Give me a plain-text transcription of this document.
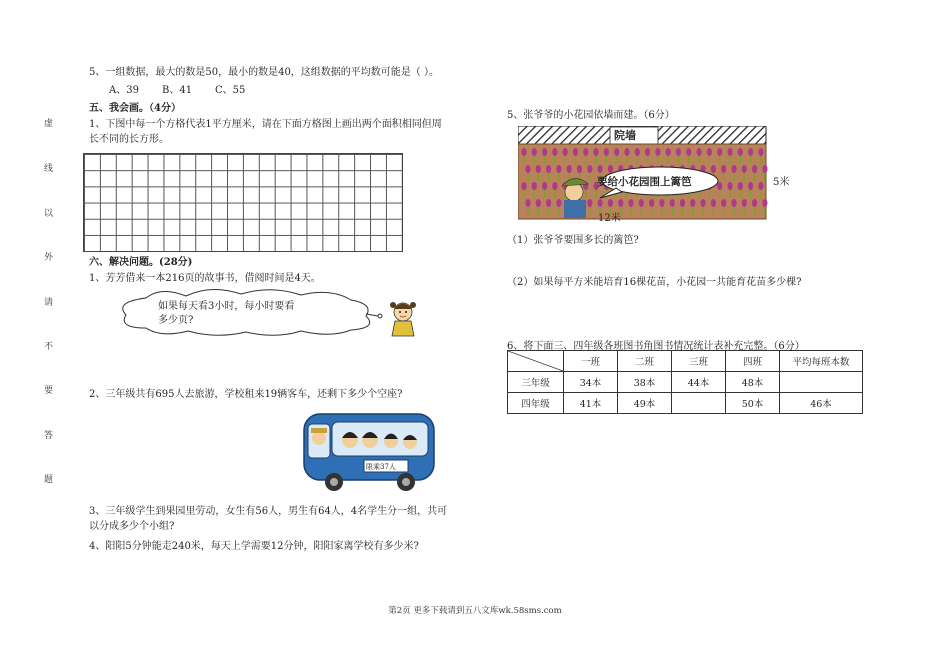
虚
线
以
外
请
不
要
答
题
5、一组数据，最大的数是50，最小的数是40，这组数据的平均数可能是（ ）。
A、39 B、41 C、55
五、我会画。（4分）
1、下图中每一个方格代表1平方厘米，请在下面方格图上画出两个面积相同但周
长不同的长方形。
六、解决问题。(28分)
1、芳芳借来一本216页的故事书，借阅时间是4天。
如果每天看3小时，每小时要看
多少页?
2、三年级共有695人去旅游，学校租来19辆客车，还剩下多少个空座?
限乘37人
3、三年级学生到果园里劳动，女生有56人，男生有64人，4名学生分一组，共可
以分成多少个小组?
4、阳阳5分钟能走240米，每天上学需要12分钟，阳阳家离学校有多少米?
5、张爷爷的小花园依墙而建。（6分）
院墙
要给小花园围上篱笆	5米
12米
（1）张爷爷要围多长的篱笆?
（2）如果每平方米能培育16棵花苗，小花园一共能育花苗多少棵?
6、将下面三、四年级各班图书角图书情况统计表补充完整。（6分）
	一班	二班	三班	四班	平均每班本数
三年级	34本	38本	44本	48本	
四年级	41本	49本		50本	46本
第2页 更多下载请到五八文库wk.58sms.com
